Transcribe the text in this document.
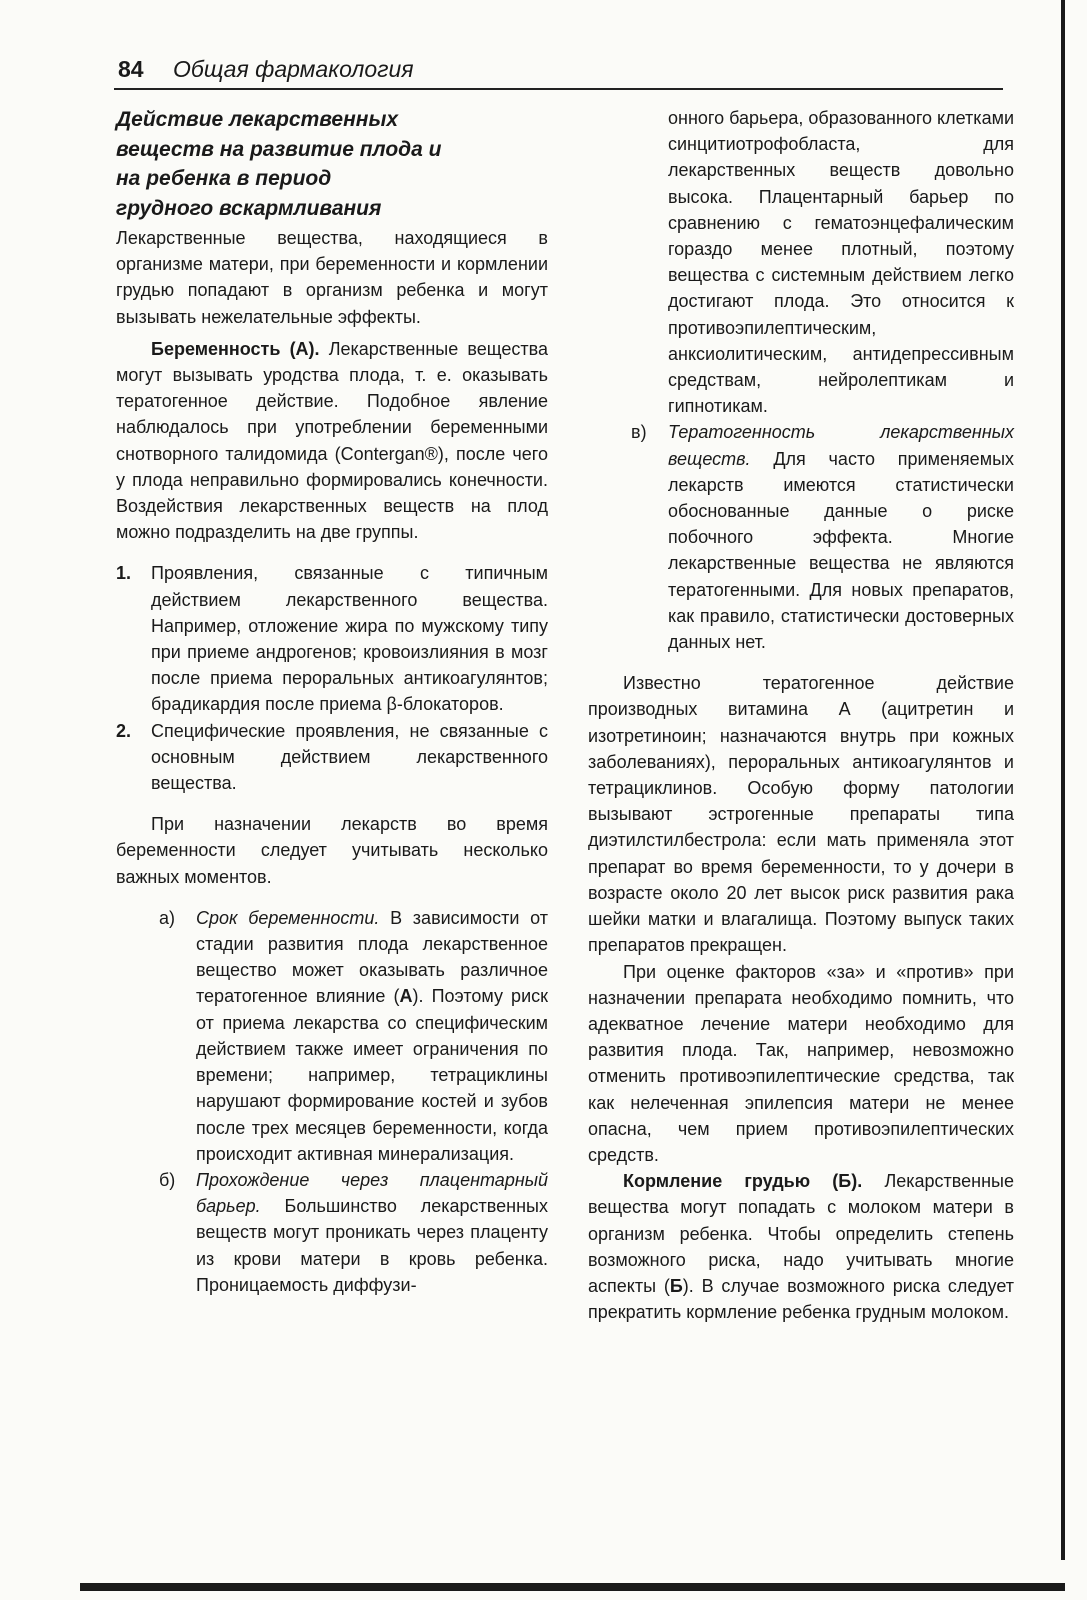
84 Общая фармакология
Действие лекарственных
веществ на развитие плода и
на ребенка в период
грудного вскармливания

Лекарственные вещества, находящиеся в организме матери, при беременности и кормлении грудью попадают в организм ребенка и могут вызывать нежелательные эффекты.

Беременность (А). Лекарственные вещества могут вызывать уродства плода, т. е. оказывать тератогенное действие. Подобное явление наблюдалось при употреблении беременными снотворного талидомида (Contergan®), после чего у плода неправильно формировались конечности. Воздействия лекарственных веществ на плод можно подразделить на две группы.

1. Проявления, связанные с типичным действием лекарственного вещества. Например, отложение жира по мужскому типу при приеме андрогенов; кровоизлияния в мозг после приема пероральных антикоагулянтов; брадикардия после приема β-блокаторов.
2. Специфические проявления, не связанные с основным действием лекарственного вещества.

При назначении лекарств во время беременности следует учитывать несколько важных моментов.

а) Срок беременности. В зависимости от стадии развития плода лекарственное вещество может оказывать различное тератогенное влияние (А). Поэтому риск от приема лекарства со специфическим действием также имеет ограничения по времени; например, тетрациклины нарушают формирование костей и зубов после трех месяцев беременности, когда происходит активная минерализация.
б) Прохождение через плацентарный барьер. Большинство лекарственных веществ могут проникать через плаценту из крови матери в кровь ребенка. Проницаемость диффузи-
онного барьера, образованного клетками синцитиотрофобласта, для лекарственных веществ довольно высока. Плацентарный барьер по сравнению с гематоэнцефалическим гораздо менее плотный, поэтому вещества с системным действием легко достигают плода. Это относится к противоэпилептическим, анксиолитическим, антидепрессивным средствам, нейролептикам и гипнотикам.
в) Тератогенность лекарственных веществ. Для часто применяемых лекарств имеются статистически обоснованные данные о риске побочного эффекта. Многие лекарственные вещества не являются тератогенными. Для новых препаратов, как правило, статистически достоверных данных нет.

Известно тератогенное действие производных витамина А (ацитретин и изотретиноин; назначаются внутрь при кожных заболеваниях), пероральных антикоагулянтов и тетрациклинов. Особую форму патологии вызывают эстрогенные препараты типа диэтилстилбестрола: если мать применяла этот препарат во время беременности, то у дочери в возрасте около 20 лет высок риск развития рака шейки матки и влагалища. Поэтому выпуск таких препаратов прекращен.

При оценке факторов «за» и «против» при назначении препарата необходимо помнить, что адекватное лечение матери необходимо для развития плода. Так, например, невозможно отменить противоэпилептические средства, так как нелеченная эпилепсия матери не менее опасна, чем прием противоэпилептических средств.

Кормление грудью (Б). Лекарственные вещества могут попадать с молоком матери в организм ребенка. Чтобы определить степень возможного риска, надо учитывать многие аспекты (Б). В случае возможного риска следует прекратить кормление ребенка грудным молоком.
